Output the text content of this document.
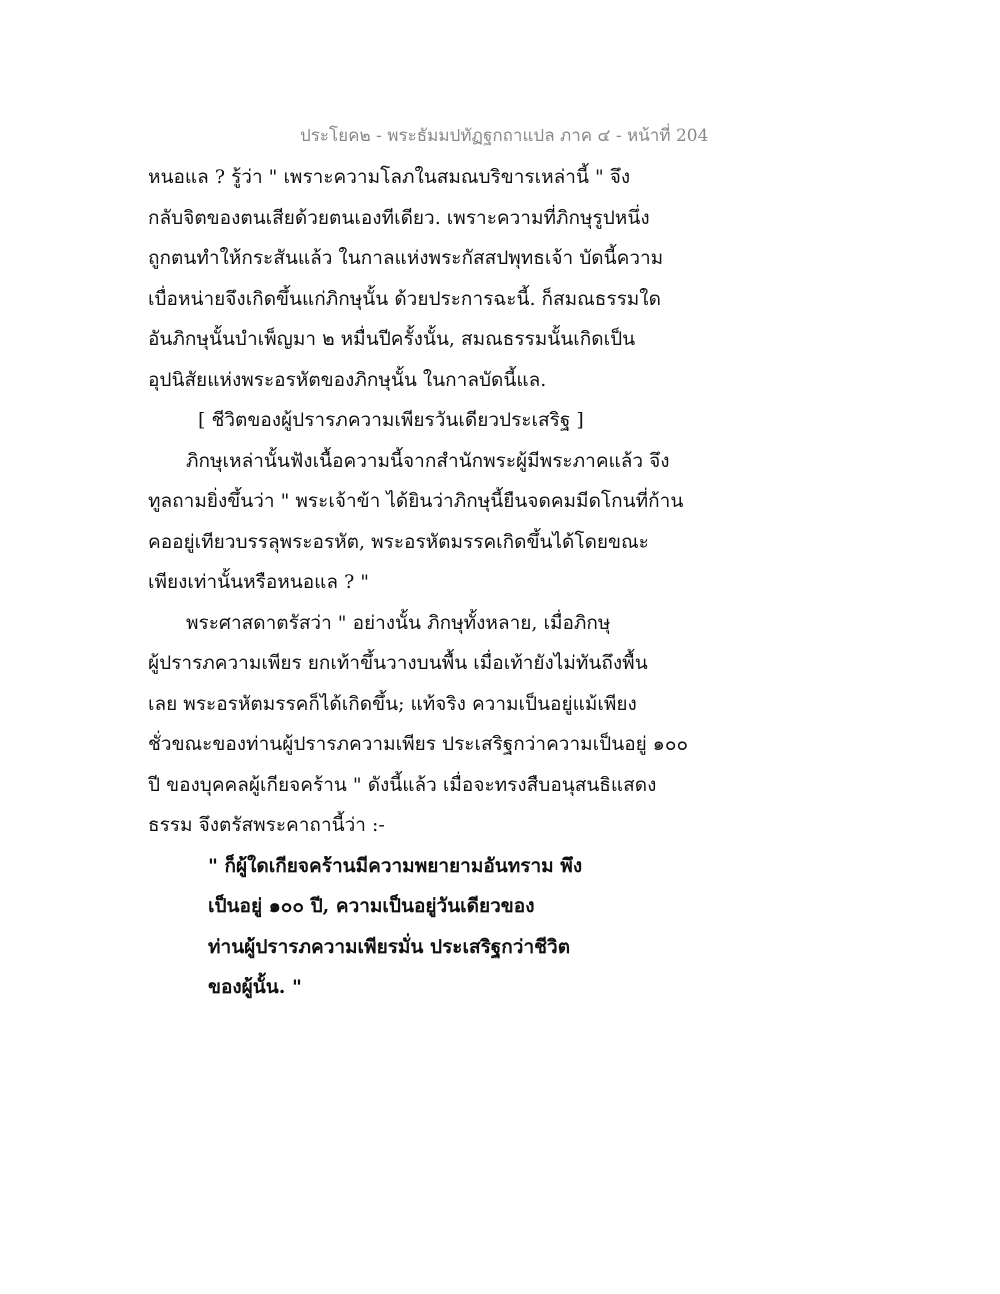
ประโยค๒ - พระธัมมปทัฏฐกถาแปล ภาค ๔ - หน้าที่ 204
หนอแล ? รู้ว่า " เพราะความโลภในสมณบริขารเหล่านี้ " จึง
กลับจิตของตนเสียด้วยตนเองทีเดียว. เพราะความที่ภิกษุรูปหนึ่ง
ถูกตนทำให้กระสันแล้ว ในกาลแห่งพระกัสสปพุทธเจ้า บัดนี้ความ
เบื่อหน่ายจึงเกิดขึ้นแก่ภิกษุนั้น ด้วยประการฉะนี้. ก็สมณธรรมใด
อันภิกษุนั้นบำเพ็ญมา ๒ หมื่นปีครั้งนั้น, สมณธรรมนั้นเกิดเป็น
อุปนิสัยแห่งพระอรหัตของภิกษุนั้น ในกาลบัดนี้แล.
[ ชีวิตของผู้ปรารภความเพียรวันเดียวประเสริฐ ]
ภิกษุเหล่านั้นฟังเนื้อความนี้จากสำนักพระผู้มีพระภาคแล้ว จึง
ทูลถามยิ่งขึ้นว่า " พระเจ้าข้า ได้ยินว่าภิกษุนี้ยืนจดคมมีดโกนที่ก้าน
คออยู่เทียวบรรลุพระอรหัต, พระอรหัตมรรคเกิดขึ้นได้โดยขณะ
เพียงเท่านั้นหรือหนอแล ? "
พระศาสดาตรัสว่า " อย่างนั้น ภิกษุทั้งหลาย, เมื่อภิกษุ
ผู้ปรารภความเพียร ยกเท้าขึ้นวางบนพื้น เมื่อเท้ายังไม่ทันถึงพื้น
เลย พระอรหัตมรรคก็ได้เกิดขึ้น; แท้จริง ความเป็นอยู่แม้เพียง
ชั่วขณะของท่านผู้ปรารภความเพียร ประเสริฐกว่าความเป็นอยู่ ๑๐๐
ปี ของบุคคลผู้เกียจคร้าน " ดังนี้แล้ว เมื่อจะทรงสืบอนุสนธิแสดง
ธรรม จึงตรัสพระคาถานี้ว่า :-
" ก็ผู้ใดเกียจคร้านมีความพยายามอันทราม พึง
เป็นอยู่ ๑๐๐ ปี, ความเป็นอยู่วันเดียวของ
ท่านผู้ปรารภความเพียรมั่น ประเสริฐกว่าชีวิต
ของผู้นั้น. "
